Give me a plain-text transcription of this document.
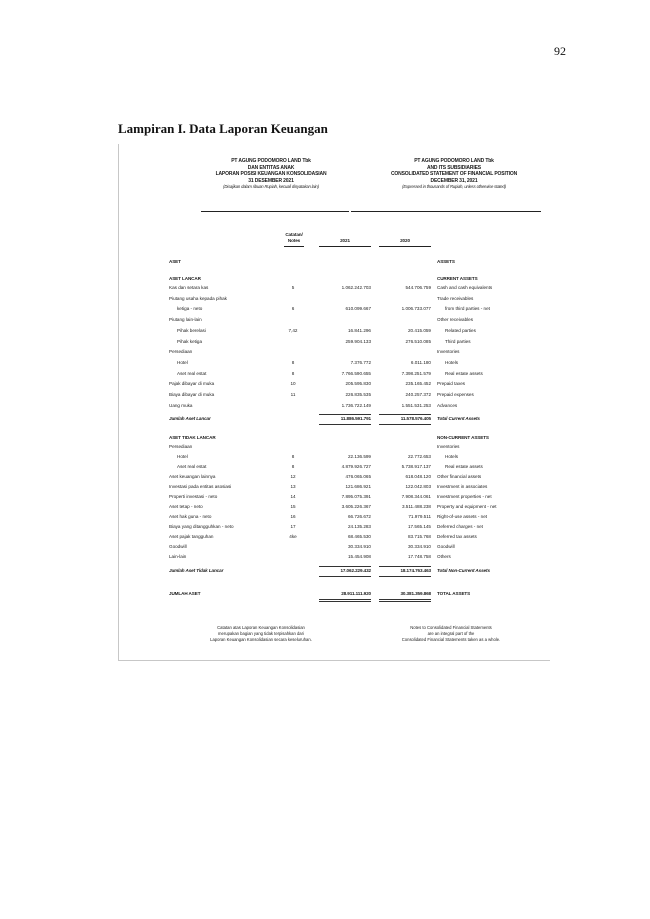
92
Lampiran I. Data Laporan Keuangan
PT AGUNG PODOMORO LAND Tbk
DAN ENTITAS ANAK
LAPORAN POSISI KEUANGAN KONSOLIDASIAN
31 DESEMBER 2021
(Disajikan dalam ribuan Rupiah, kecuali dinyatakan lain)
PT AGUNG PODOMORO LAND Tbk
AND ITS SUBSIDIARIES
CONSOLIDATED STATEMENT OF FINANCIAL POSITION
DECEMBER 31, 2021
(Expressed in thousands of Rupiah, unless otherwise stated)
Catatan/
Notes	2021	2020
ASET	ASSETS
ASET LANCAR	CURRENT ASSETS
Kas dan setara kas	5	1.062.242.703	544.706.759 Cash and cash equivalents
Piutang usaha kepada pihak	Trade receivables
ketiga - neto	6	610.099.667	1.006.733.077	from third parties - net
Piutang lain-lain	Other receivables
Pihak berelasi	7,42	16.841.296	20.415.059	Related parties
Pihak ketiga	259.904.133	276.510.085	Third parties
Persediaan	Inventories
Hotel	8	7.376.772	6.011.180	Hotels
Aset real estat	8	7.766.590.655	7.398.251.579	Real estate assets
Pajak dibayar di muka	10	205.595.830	235.165.452 Prepaid taxes
Biaya dibayar di muka	11	226.835.535	240.257.372 Prepaid expenses
Uang muka	1.736.722.149	1.551.531.253 Advances
Jumlah Aset Lancar	11.886.591.791	11.578.576.405 Total Current Assets
ASET TIDAK LANCAR	NON-CURRENT ASSETS
Persediaan	Inventories
Hotel	8	22.136.599	22.772.653	Hotels
Aset real estat	8	4.879.926.727	5.738.917.137	Real estate assets
Aset keuangan lainnya	12	476.065.065	618.048.120 Other financial assets
Investasi pada entitas asosiasi	13	121.686.921	122.042.803 Investment in associates
Properti investasi - neto	14	7.895.075.391	7.908.344.061 Investment properties - net
Aset tetap - neto	15	3.605.226.367	3.511.488.238 Property and equipment - net
Aset hak guna - neto	16	66.726.672	71.979.511 Right-of-use assets - net
Biaya yang ditangguhkan - neto	17	24.135.283	17.565.145 Deferred charges - net
Aset pajak tangguhan	4ke	68.465.530	83.715.768 Deferred tax assets
Goodwill	30.334.910	30.334.910 Goodwill
Lain-lain	15.454.908	17.748.758 Others
Jumlah Aset Tidak Lancar	17.062.229.432	18.174.763.463 Total Non-Current Assets
JUMLAH ASET	28.911.111.920	30.381.359.868 TOTAL ASSETS
Catatan atas Laporan Keuangan Konsolidasian
merupakan bagian yang tidak terpisahkan dari
Laporan Keuangan Konsolidasian secara keseluruhan.
Notes to Consolidated Financial Statements
are an integral part of the
Consolidated Financial Statements taken as a whole.
